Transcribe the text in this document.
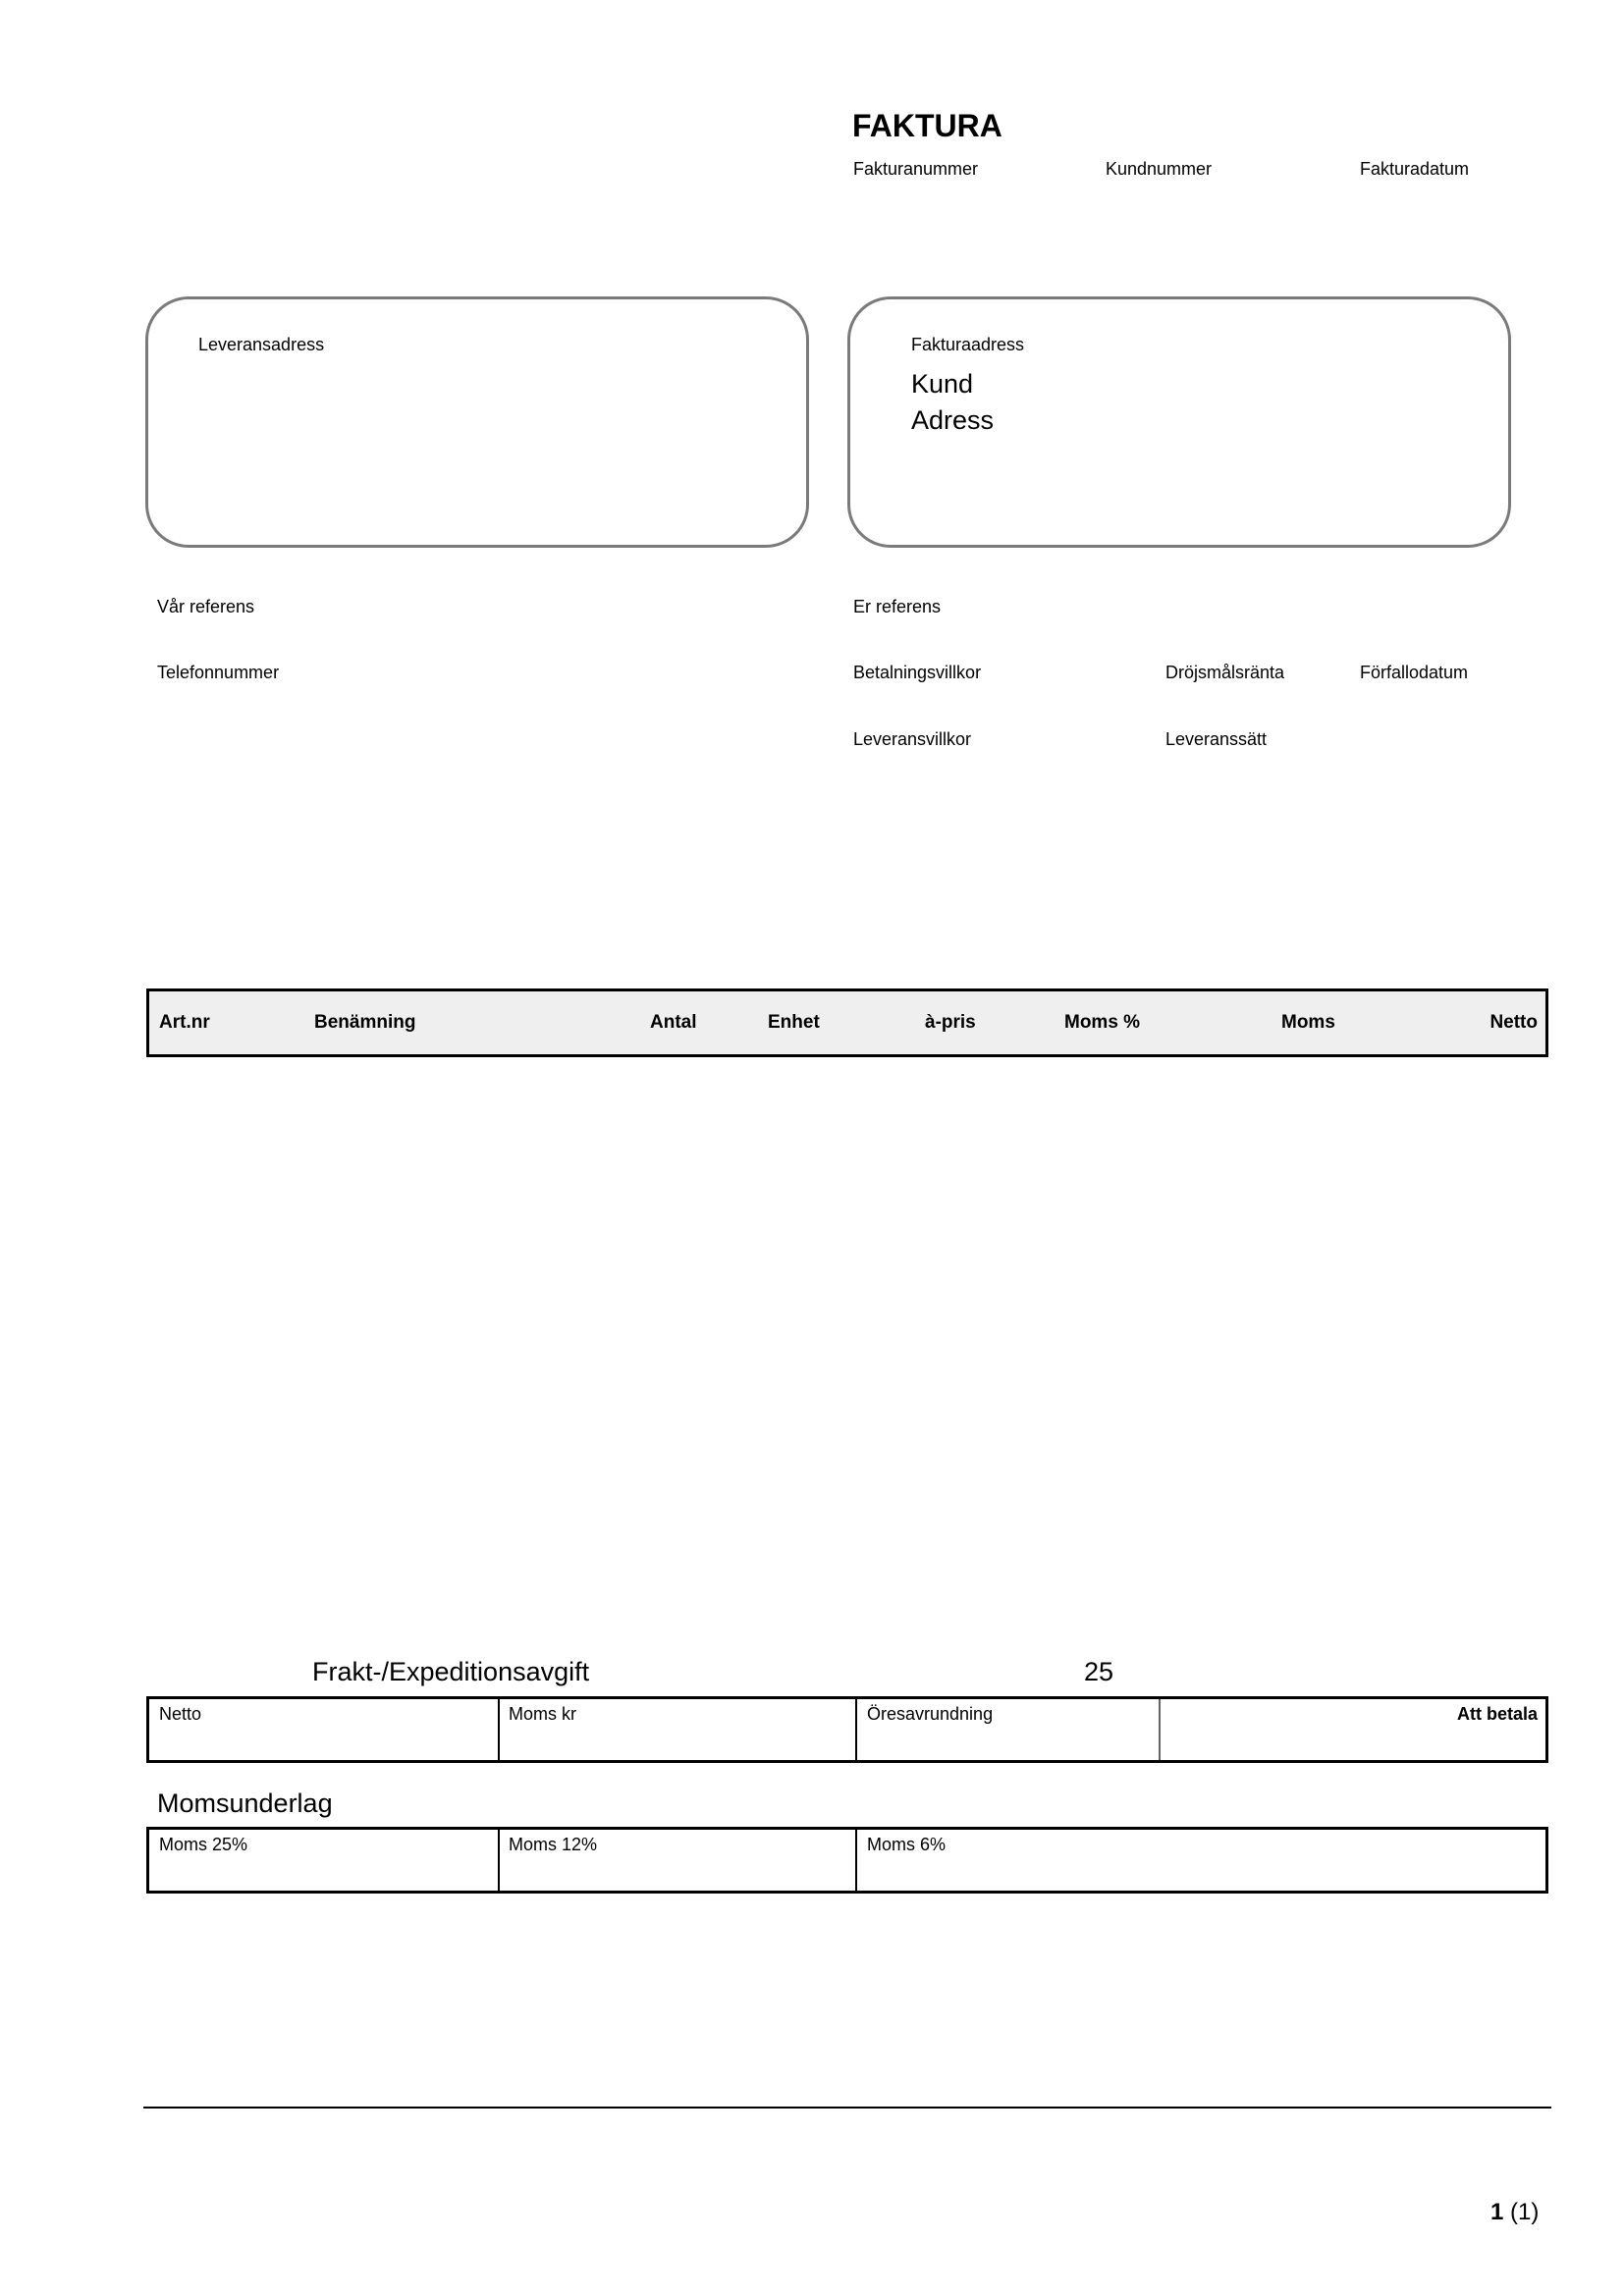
FAKTURA
Fakturanummer	Kundnummer	Fakturadatum
Leveransadress	Fakturaadress
Kund
Adress
Vår referens	Er referens
Telefonnummer	Betalningsvillkor	Dröjsmålsränta	Förfallodatum
Leveransvillkor	Leveranssätt
Art.nr	Benämning	Antal	Enhet	à-pris	Moms %	Moms	Netto
Frakt-/Expeditionsavgift	25
Netto	Moms kr	Öresavrundning	Att betala
Momsunderlag
Moms 25%	Moms 12%	Moms 6%
1 (1)
